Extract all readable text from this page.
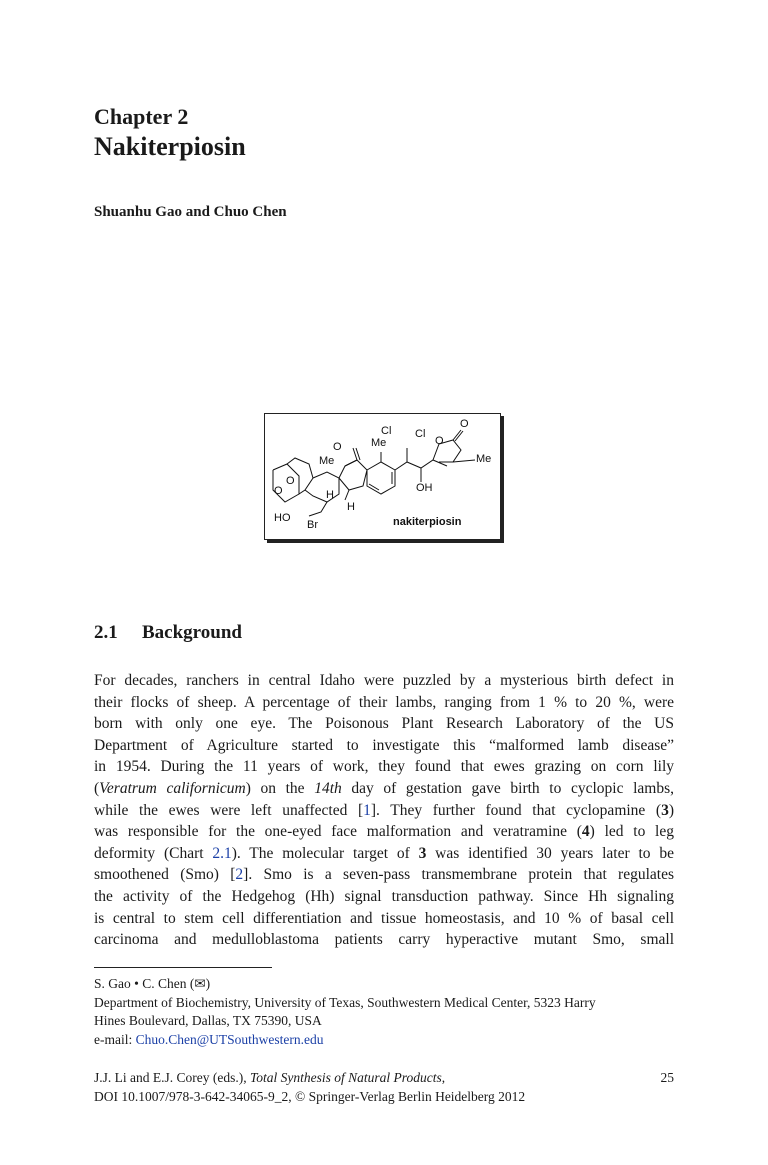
Chapter 2
Nakiterpiosin
Shuanhu Gao and Chuo Chen
Cl Cl
Me
O
Me
O
O
Me
OH
O
O
HO
H
H
Br	nakiterpiosin
2.1 Background
For decades, ranchers in central Idaho were puzzled by a mysterious birth defect in
their flocks of sheep. A percentage of their lambs, ranging from 1 % to 20 %, were
born with only one eye. The Poisonous Plant Research Laboratory of the US
Department of Agriculture started to investigate this “malformed lamb disease”
in 1954. During the 11 years of work, they found that ewes grazing on corn lily
(Veratrum californicum) on the 14th day of gestation gave birth to cyclopic lambs,
while the ewes were left unaffected [1]. They further found that cyclopamine (3)
was responsible for the one-eyed face malformation and veratramine (4) led to leg
deformity (Chart 2.1). The molecular target of 3 was identified 30 years later to be
smoothened (Smo) [2]. Smo is a seven-pass transmembrane protein that regulates
the activity of the Hedgehog (Hh) signal transduction pathway. Since Hh signaling
is central to stem cell differentiation and tissue homeostasis, and 10 % of basal cell
carcinoma and medulloblastoma patients carry hyperactive mutant Smo, small
S. Gao • C. Chen (✉)
Department of Biochemistry, University of Texas, Southwestern Medical Center, 5323 Harry
Hines Boulevard, Dallas, TX 75390, USA
e-mail: Chuo.Chen@UTSouthwestern.edu
J.J. Li and E.J. Corey (eds.), Total Synthesis of Natural Products,
DOI 10.1007/978-3-642-34065-9_2, © Springer-Verlag Berlin Heidelberg 2012
25
